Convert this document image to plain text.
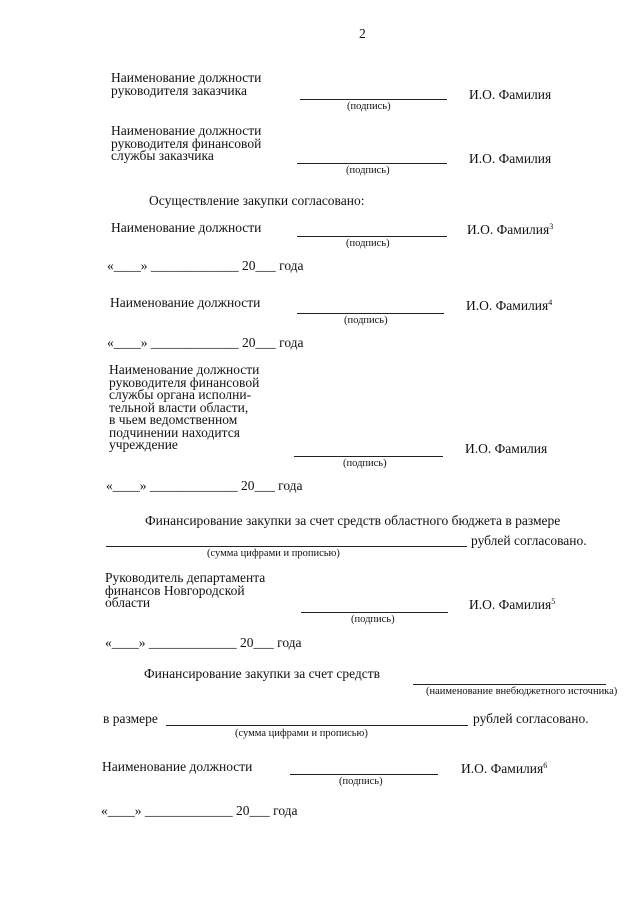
2
Наименование должности
руководителя заказчика
(подпись)
И.О. Фамилия
Наименование должности
руководителя финансовой
службы заказчика
(подпись)
И.О. Фамилия
Осуществление закупки согласовано:
Наименование должности
(подпись)
И.О. Фамилия$^3$
«____» _____________ 20___ года
Наименование должности
(подпись)
И.О. Фамилия$^4$
«____» _____________ 20___ года
Наименование должности
руководителя финансовой
службы органа исполни-
тельной власти области,
в чьем ведомственном
подчинении находится
учреждение
(подпись)
И.О. Фамилия
«____» _____________ 20___ года
Финансирование закупки за счет средств областного бюджета в размере
рублей согласовано.
(сумма цифрами и прописью)
Руководитель департамента
финансов Новгородской
области
(подпись)
И.О. Фамилия$^5$
«____» _____________ 20___ года
Финансирование закупки за счет средств
(наименование внебюджетного источника)
в размере	рублей согласовано.
(сумма цифрами и прописью)
Наименование должности
(подпись)
И.О. Фамилия$^6$
«____» _____________ 20___ года
